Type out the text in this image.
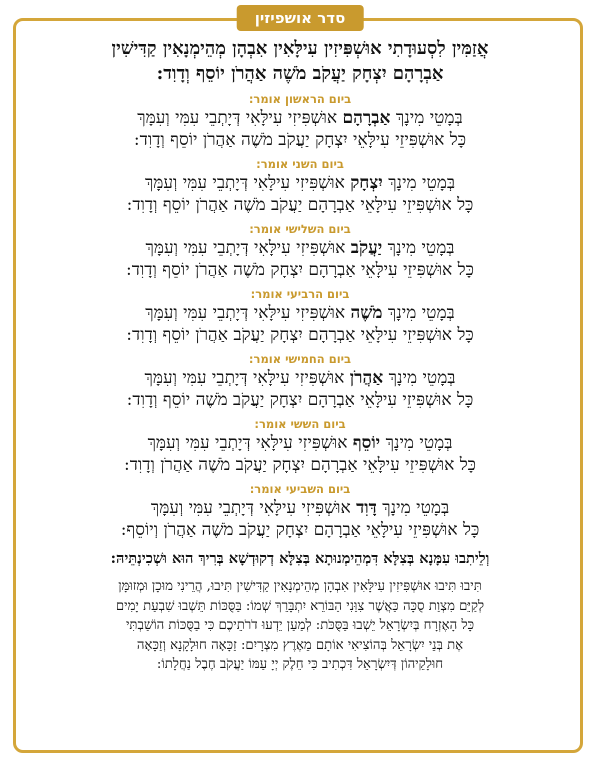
סדר אושפיזין
אֲזַמִּין לִסְעוּדָתִי אוּשְׁפִּיזִין עִילָּאִין אִבְהָן מְהֵימְנָאִין קַדִּישִׁין
אַבְרָהָם יִצְחָק יַעֲקֹב מֹשֶׁה אַהֲרֹן יוֹסֵף וְדָוִד:
ביום הראשון אומר:
בְּמָטֵי מִינָךְ אַבְרָהָם אוּשְׁפִּיזִי עִילָּאִי דְּיָתְבֵי עִמִּי וְעִמָּךְ
כָּל אוּשְׁפִּיזֵי עִילָּאֵי יִצְחָק יַעֲקֹב מֹשֶׁה אַהֲרֹן יוֹסֵף וְדָוִד:
ביום השני אומר:
בְּמָטֵי מִינָךְ יִצְחָק אוּשְׁפִּיזִי עִילָּאִי דְּיָתְבֵי עִמִּי וְעִמָּךְ
כָּל אוּשְׁפִּיזֵי עִילָּאֵי אַבְרָהָם יַעֲקֹב מֹשֶׁה אַהֲרֹן יוֹסֵף וְדָוִד:
ביום השלישי אומר:
בְּמָטֵי מִינָךְ יַעֲקֹב אוּשְׁפִּיזִי עִילָּאִי דְּיָתְבֵי עִמִּי וְעִמָּךְ
כָּל אוּשְׁפִּיזֵי עִילָּאֵי אַבְרָהָם יִצְחָק מֹשֶׁה אַהֲרֹן יוֹסֵף וְדָוִד:
ביום הרביעי אומר:
בְּמָטֵי מִינָךְ מֹשֶׁה אוּשְׁפִּיזִי עִילָּאִי דְּיָתְבֵי עִמִּי וְעִמָּךְ
כָּל אוּשְׁפִּיזֵי עִילָּאֵי אַבְרָהָם יִצְחָק יַעֲקֹב אַהֲרֹן יוֹסֵף וְדָוִד:
ביום החמישי אומר:
בְּמָטֵי מִינָךְ אַהֲרֹן אוּשְׁפִּיזִי עִילָּאִי דְּיָתְבֵי עִמִּי וְעִמָּךְ
כָּל אוּשְׁפִּיזֵי עִילָּאֵי אַבְרָהָם יִצְחָק יַעֲקֹב מֹשֶׁה יוֹסֵף וְדָוִד:
ביום הששי אומר:
בְּמָטֵי מִינָךְ יוֹסֵף אוּשְׁפִּיזִי עִילָּאִי דְּיָתְבֵי עִמִּי וְעִמָּךְ
כָּל אוּשְׁפִּיזֵי עִילָּאֵי אַבְרָהָם יִצְחָק יַעֲקֹב מֹשֶׁה אַהֲרֹן וְדָוִד:
ביום השביעי אומר:
בְּמָטֵי מִינָךְ דָּוִד אוּשְׁפִּיזִי עִילָּאִי דְּיָתְבֵי עִמִּי וְעִמָּךְ
כָּל אוּשְׁפִּיזֵי עִילָּאֵי אַבְרָהָם יִצְחָק יַעֲקֹב מֹשֶׁה אַהֲרֹן וְיוֹסֵף:
וְלֵיתִבוּ עִמָּנָא בְּצִלָּא דִּמְהֵימְנוּתָא בְּצִלָּא דְקוּדְשָׁא בְּרִיךְ הוּא וּשְׁכִינְתֵּיהּ:
תִּיבוּ תִּיבוּ אוּשְׁפִּיזִין עִילָּאִין אִבְהָן מְהֵימְנָאִין קַדִּישִׁין תִּיבוּ, הֲרֵינִי מוּכָן וּמְזוּמָּן
לְקַיֵּם מִצְוַת סֻכָּה כַּאֲשֶׁר צִוַּנִי הַבּוֹרֵא יִתְבָּרֵךְ שְׁמוֹ: בַּסֻּכּוֹת תֵּשְׁבוּ שִׁבְעַת יָמִים
כָּל הָאֶזְרָח בְּיִשְׂרָאֵל יֵשְׁבוּ בַּסֻּכֹּת: לְמַעַן יֵדְעוּ דֹרֹתֵיכֶם כִּי בַסֻּכּוֹת הוֹשַׁבְתִּי
אֶת בְּנֵי יִשְׂרָאֵל בְּהוֹצִיאִי אוֹתָם מֵאֶרֶץ מִצְרָיִם: זַכָּאָה חוּלָקָנָא וְזַכָּאָה
חוּלָקֵיהוֹן דְּיִשְׂרָאֵל דִּכְתִיב כִּי חֵלֶק יְיָ עַמּוֹ יַעֲקֹב חֶבֶל נַחֲלָתוֹ:
